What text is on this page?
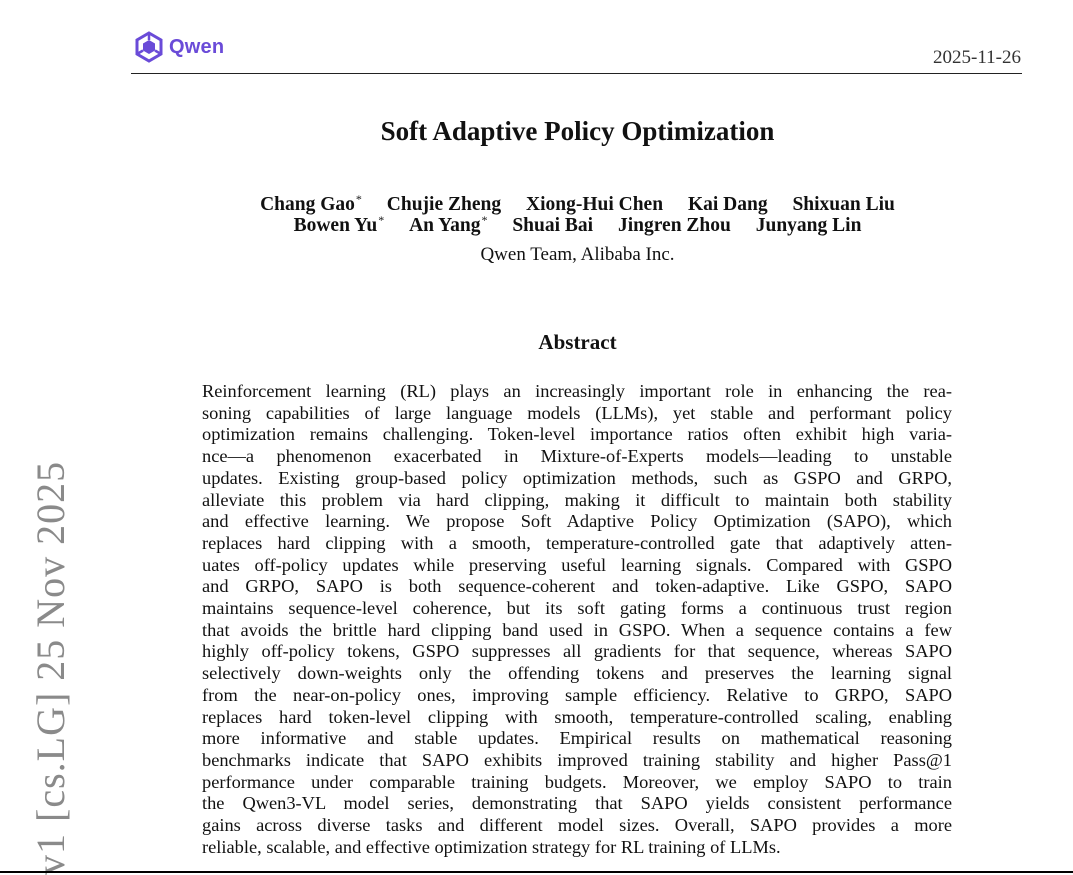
Qwen	2025-11-26
Soft Adaptive Policy Optimization
Chang Gao* Chujie Zheng Xiong-Hui Chen Kai Dang Shixuan Liu
Bowen Yu* An Yang* Shuai Bai Jingren Zhou Junyang Lin
Qwen Team, Alibaba Inc.
Abstract
Reinforcement learning (RL) plays an increasingly important role in enhancing the rea-
soning capabilities of large language models (LLMs), yet stable and performant policy
optimization remains challenging. Token-level importance ratios often exhibit high varia-
nce—a phenomenon exacerbated in Mixture-of-Experts models—leading to unstable
updates. Existing group-based policy optimization methods, such as GSPO and GRPO,
alleviate this problem via hard clipping, making it difficult to maintain both stability
and effective learning. We propose Soft Adaptive Policy Optimization (SAPO), which
replaces hard clipping with a smooth, temperature-controlled gate that adaptively atten-
uates off-policy updates while preserving useful learning signals. Compared with GSPO
and GRPO, SAPO is both sequence-coherent and token-adaptive. Like GSPO, SAPO
maintains sequence-level coherence, but its soft gating forms a continuous trust region
that avoids the brittle hard clipping band used in GSPO. When a sequence contains a few
highly off-policy tokens, GSPO suppresses all gradients for that sequence, whereas SAPO
selectively down-weights only the offending tokens and preserves the learning signal
from the near-on-policy ones, improving sample efficiency. Relative to GRPO, SAPO
replaces hard token-level clipping with smooth, temperature-controlled scaling, enabling
more informative and stable updates. Empirical results on mathematical reasoning
benchmarks indicate that SAPO exhibits improved training stability and higher Pass@1
performance under comparable training budgets. Moreover, we employ SAPO to train
the Qwen3-VL model series, demonstrating that SAPO yields consistent performance
gains across diverse tasks and different model sizes. Overall, SAPO provides a more
reliable, scalable, and effective optimization strategy for RL training of LLMs.
v1 [cs.LG] 25 Nov 2025
